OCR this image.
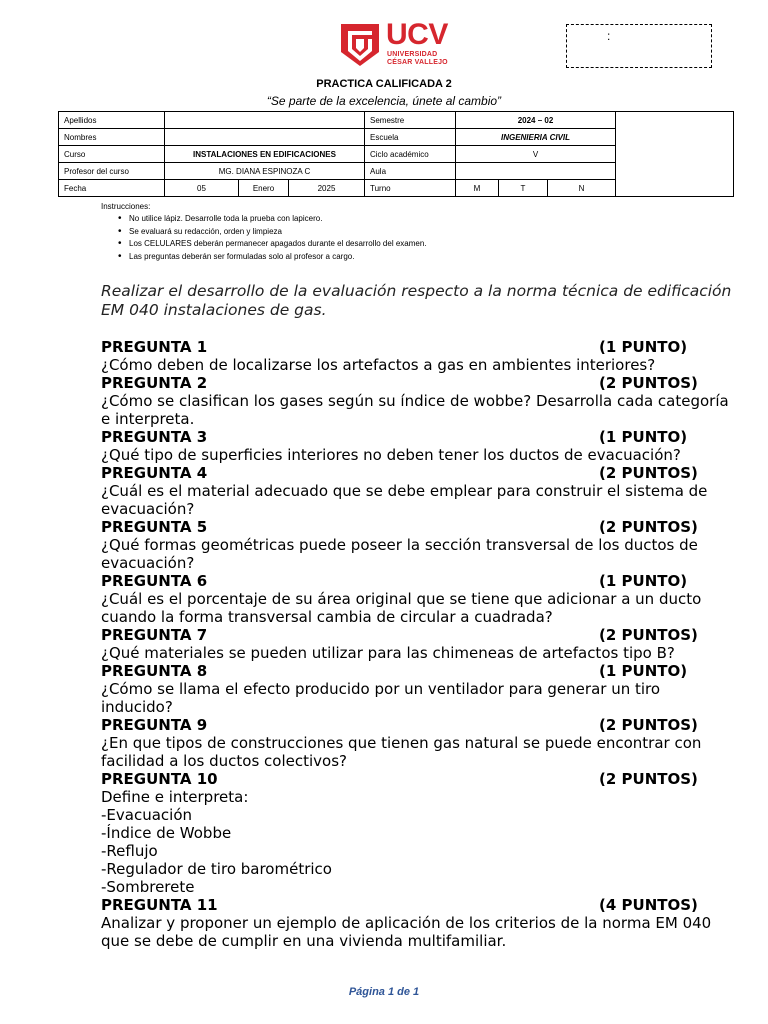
UCV
UNIVERSIDAD
CÉSAR VALLEJO
:
PRACTICA CALIFICADA 2
“Se parte de la excelencia, únete al cambio”
Apellidos				Semestre	2024 – 02			
Nombres				Escuela	INGENIERIA CIVIL			
Curso	INSTALACIONES EN EDIFICACIONES			Ciclo académico	V			
Profesor del curso	MG. DIANA ESPINOZA C			Aula				
Fecha	05	Enero	2025	Turno	M	T	N	
Instrucciones:
• No utilice lápiz. Desarrolle toda la prueba con lapicero.
• Se evaluará su redacción, orden y limpieza
• Los CELULARES deberán permanecer apagados durante el desarrollo del examen.
• Las preguntas deberán ser formuladas solo al profesor a cargo.
Realizar el desarrollo de la evaluación respecto a la norma técnica de edificación EM 040 instalaciones de gas.
PREGUNTA 1	(1 PUNTO)
¿Cómo deben de localizarse los artefactos a gas en ambientes interiores?
PREGUNTA 2	(2 PUNTOS)
¿Cómo se clasifican los gases según su índice de wobbe? Desarrolla cada categoría
e interpreta.
PREGUNTA 3	(1 PUNTO)
¿Qué tipo de superficies interiores no deben tener los ductos de evacuación?
PREGUNTA 4	(2 PUNTOS)
¿Cuál es el material adecuado que se debe emplear para construir el sistema de
evacuación?
PREGUNTA 5	(2 PUNTOS)
¿Qué formas geométricas puede poseer la sección transversal de los ductos de
evacuación?
PREGUNTA 6	(1 PUNTO)
¿Cuál es el porcentaje de su área original que se tiene que adicionar a un ducto
cuando la forma transversal cambia de circular a cuadrada?
PREGUNTA 7	(2 PUNTOS)
¿Qué materiales se pueden utilizar para las chimeneas de artefactos tipo B?
PREGUNTA 8	(1 PUNTO)
¿Cómo se llama el efecto producido por un ventilador para generar un tiro
inducido?
PREGUNTA 9	(2 PUNTOS)
¿En que tipos de construcciones que tienen gas natural se puede encontrar con
facilidad a los ductos colectivos?
PREGUNTA 10	(2 PUNTOS)
Define e interpreta:
-Evacuación
-Índice de Wobbe
-Reflujo
-Regulador de tiro barométrico
-Sombrerete
PREGUNTA 11	(4 PUNTOS)
Analizar y proponer un ejemplo de aplicación de los criterios de la norma EM 040
que se debe de cumplir en una vivienda multifamiliar.
Página 1 de 1
